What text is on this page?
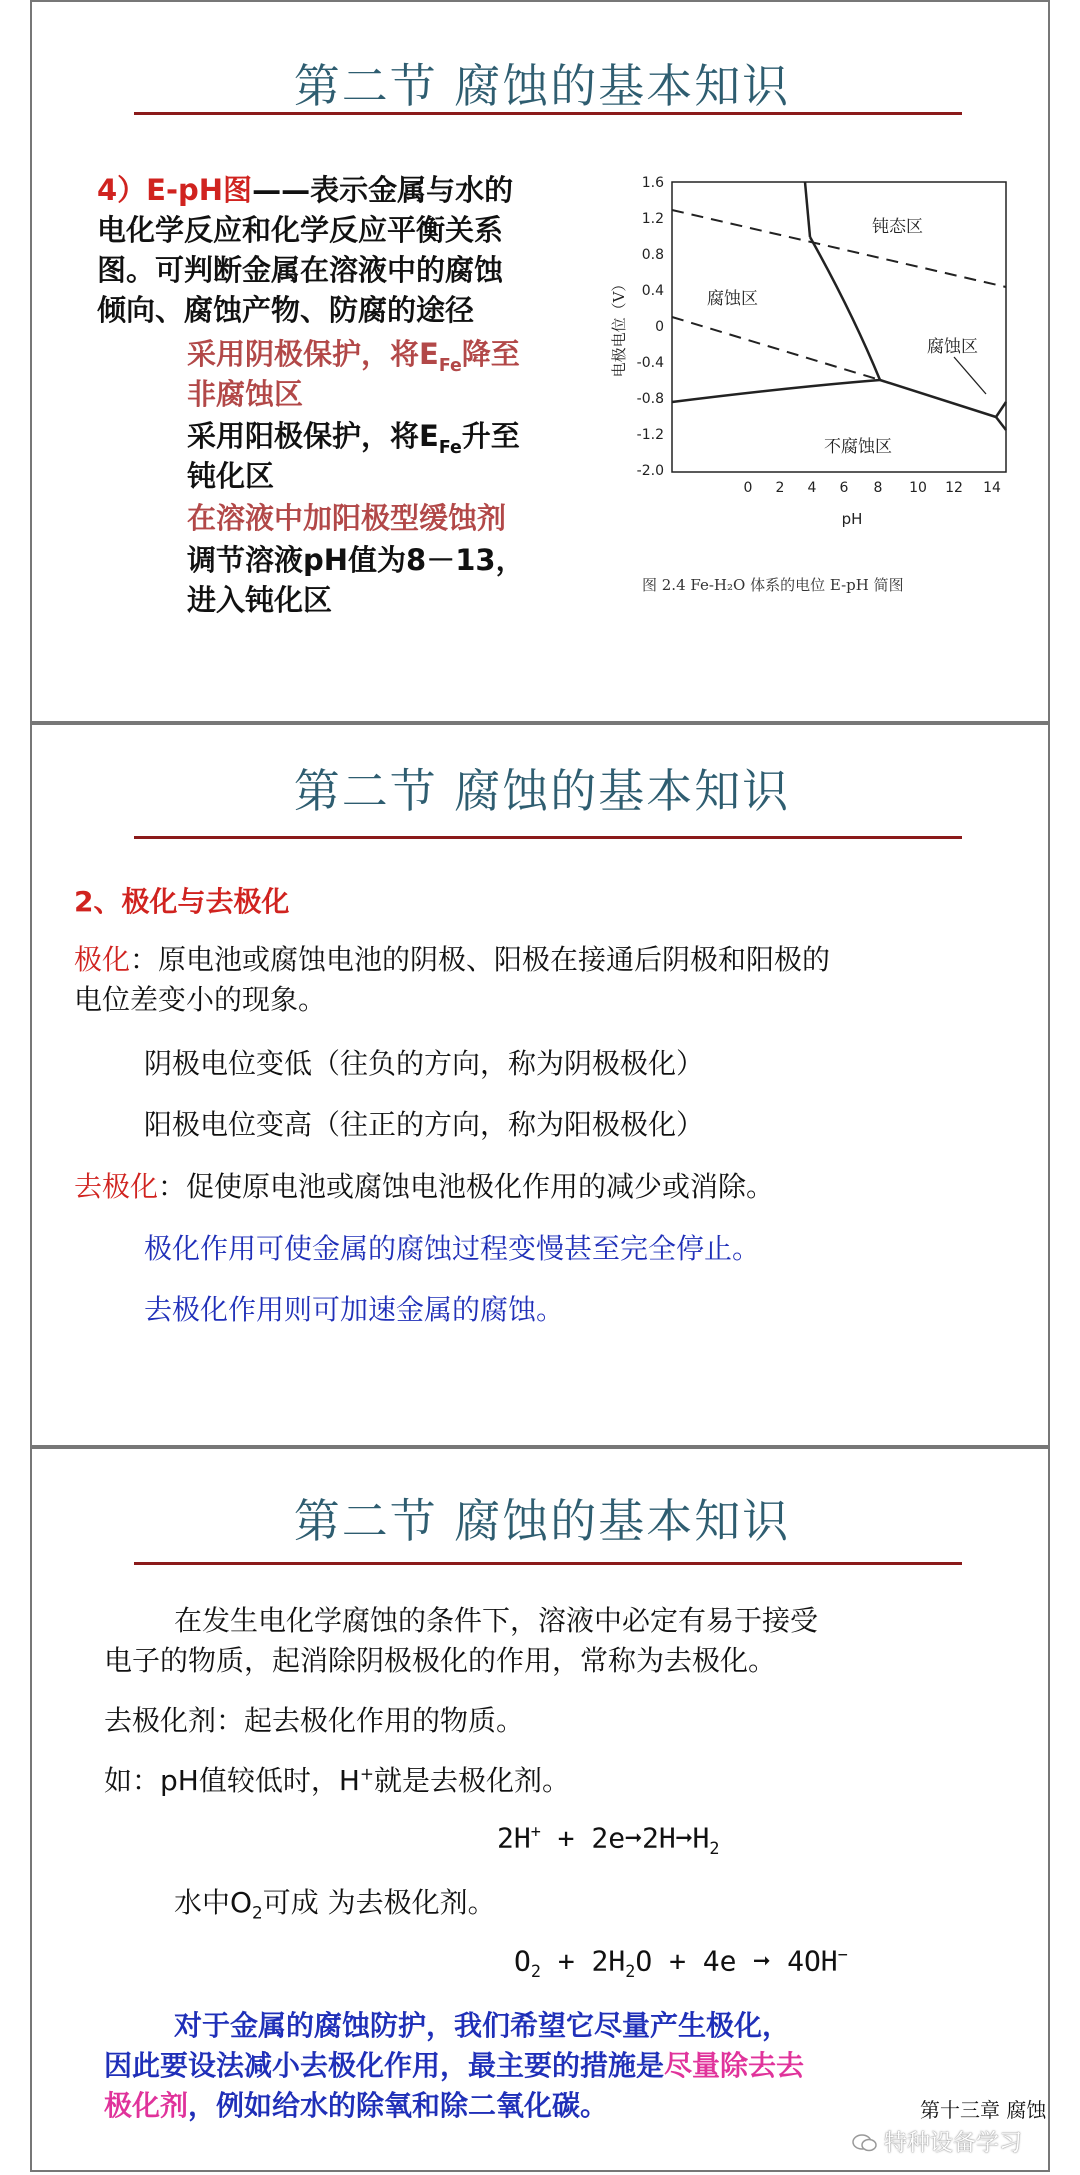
第二节 腐蚀的基本知识
4）E-pH图——表示金属与水的
电化学反应和化学反应平衡关系
图。可判断金属在溶液中的腐蚀
倾向、腐蚀产物、防腐的途径
采用阴极保护，将$E_{Fe}$降至
非腐蚀区
采用阳极保护，将$E_{Fe}$升至
钝化区
在溶液中加阳极型缓蚀剂
调节溶液pH值为8－13，
进入钝化区
电极电位（V）
1.6
1.2
0.8
0.4
0
-0.4
-0.8
-1.2
-2.0
0 2 4 6 8 10 12 14
pH
钝态区
腐蚀区
腐蚀区
不腐蚀区
图 2.4 Fe-H₂O 体系的电位 E-pH 简图
第二节 腐蚀的基本知识
2、极化与去极化
极化：原电池或腐蚀电池的阴极、阳极在接通后阴极和阳极的
电位差变小的现象。
阴极电位变低（往负的方向，称为阴极极化）
阳极电位变高（往正的方向，称为阳极极化）
去极化：促使原电池或腐蚀电池极化作用的减少或消除。
极化作用可使金属的腐蚀过程变慢甚至完全停止。
去极化作用则可加速金属的腐蚀。
第二节 腐蚀的基本知识
在发生电化学腐蚀的条件下，溶液中必定有易于接受
电子的物质，起消除阴极极化的作用，常称为去极化。
去极化剂：起去极化作用的物质。
如：pH值较低时，H+就是去极化剂。
$2H^+ + 2e➞2H➞H_2$
水中$O_2$可成 为去极化剂。
$O_2 + 2H_2O + 4e$ ➞ 4OH−
对于金属的腐蚀防护，我们希望它尽量产生极化，
因此要设法减小去极化作用，最主要的措施是尽量除去去
极化剂，例如给水的除氧和除二氧化碳。	第十三章 腐蚀
特种设备学习
